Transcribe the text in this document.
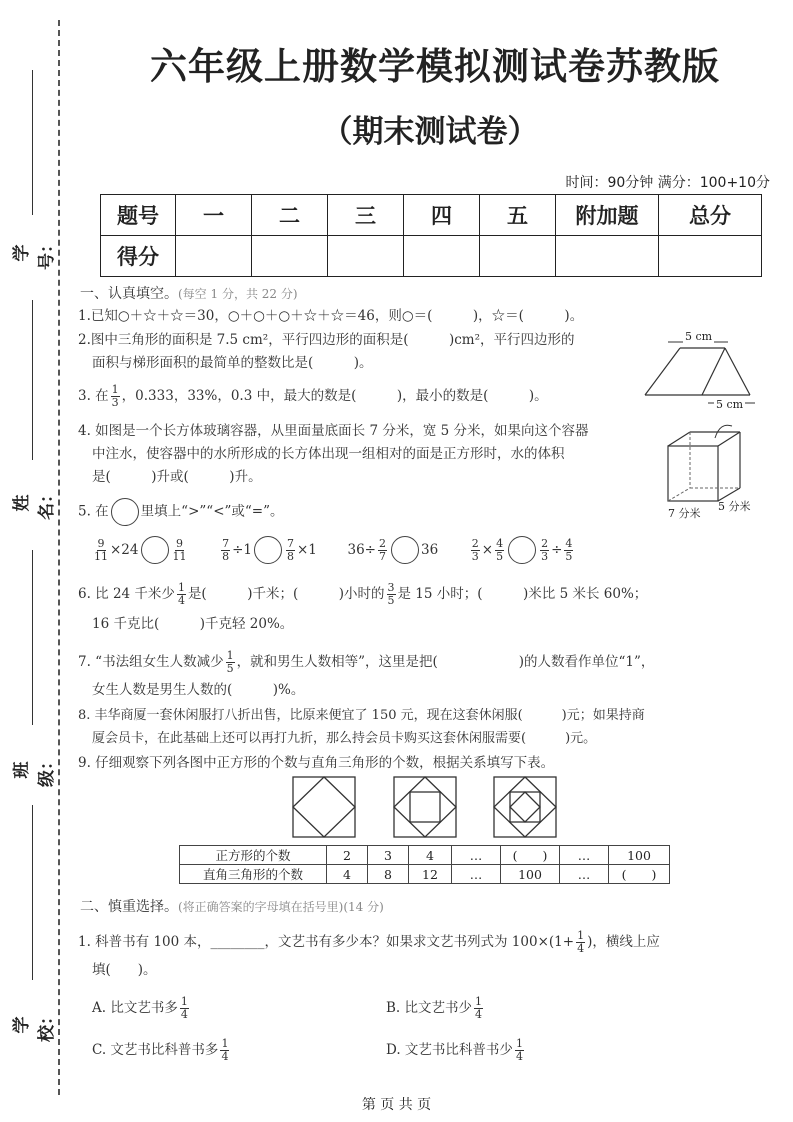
学号：
姓名：
班级：
学校：
六年级上册数学模拟测试卷苏教版
（期末测试卷）
时间：90分钟 满分：100+10分
题号	一	二	三	四	五	附加题	总分
得分							
一、认真填空。(每空 1 分，共 22 分)
1.已知○＋☆＋☆＝30，○＋○＋○＋☆＋☆＝46，则○＝(　　　)，☆＝(　　　)。
2.图中三角形的面积是 7.5 cm²，平行四边形的面积是(　　　)cm²，平行四边形的
面积与梯形面积的最简单的整数比是(　　　)。
5 cm
5 cm
3. 在 $\frac{1}{3}$ ，0.333，33%，0.3 中，最大的数是(　　　)，最小的数是(　　　)。
4. 如图是一个长方体玻璃容器，从里面量底面长 7 分米，宽 5 分米，如果向这个容器
中注水，使容器中的水所形成的长方体出现一组相对的面是正方形时，水的体积
是(　　　)升或(　　　)升。
7 分米
5 分米
5. 在 里填上“>”“<”或“=”。
$\frac{9}{11} \times 24$	$\frac{9}{11}$
	$\frac{7}{8} \div 1$	$\frac{7}{8} \times 1$ $36\div \frac{2}{7}$	36	$\frac{2}{3} \times \frac{4}{5}$	$\frac{2}{3} \div \frac{4}{5}$
6. 比 24 千米少 $\frac{1}{4}$ 是(　　　)千米；(　　　)小时的 $\frac{3}{5}$ 是 15 小时；(　　　)米比 5 米长 60%；
16 千克比(　　　)千克轻 20%。
7. “书法组女生人数减少 $\frac{1}{5}$ ，就和男生人数相等”，这里是把(　　　　　　)的人数看作单位“1”，
女生人数是男生人数的(　　　)%。
8. 丰华商厦一套休闲服打八折出售，比原来便宜了 150 元，现在这套休闲服(　　　)元；如果持商
厦会员卡，在此基础上还可以再打九折，那么持会员卡购买这套休闲服需要(　　　)元。
9. 仔细观察下列各图中正方形的个数与直角三角形的个数，根据关系填写下表。
正方形的个数	2	3	4	…	(　　)	…	100
直角三角形的个数	4	8	12	…	100	…	(　　)
二、慎重选择。(将正确答案的字母填在括号里)(14 分)
1. 科普书有 100 本，________，文艺书有多少本？如果求文艺书列式为 $100\times(1+ \frac{1}{4}$ )，横线上应
填(　　)。
A. 比文艺书多 $\frac{1}{4}$	B. 比文艺书少 $\frac{1}{4}$
C. 文艺书比科普书多 $\frac{1}{4}$	D. 文艺书比科普书少 $\frac{1}{4}$
第 页 共 页
